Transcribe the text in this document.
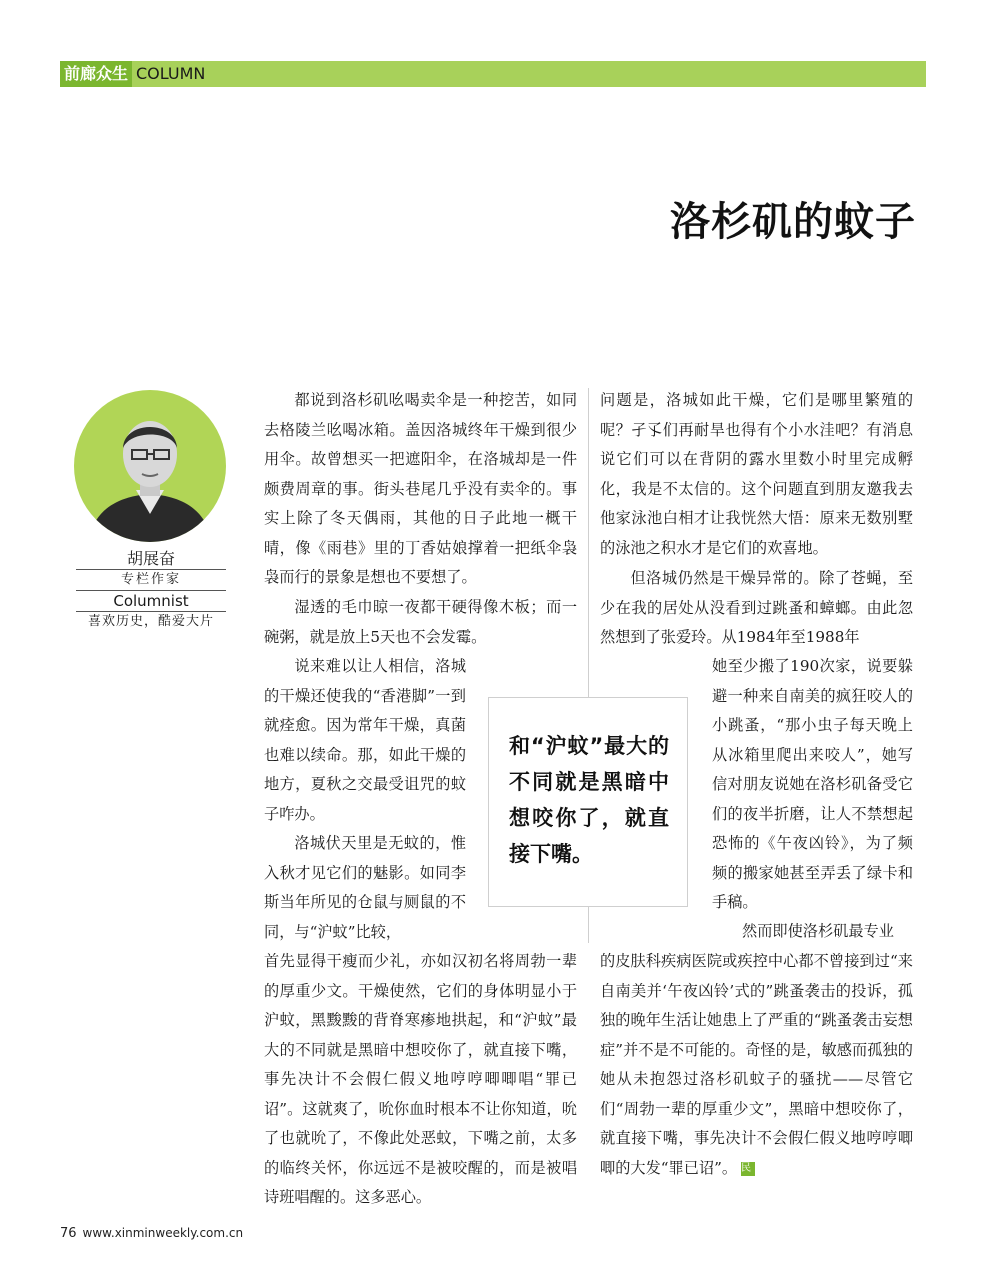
前廊众生 COLUMN
洛杉矶的蚊子
胡展奋
专栏作家
Columnist
喜欢历史，酷爱大片

都说到洛杉矶吆喝卖伞是一种挖苦，如同去格陵兰吆喝冰箱。盖因洛城终年干燥到很少用伞。故曾想买一把遮阳伞，在洛城却是一件颇费周章的事。街头巷尾几乎没有卖伞的。事实上除了冬天偶雨，其他的日子此地一概干晴，像《雨巷》里的丁香姑娘撑着一把纸伞袅袅而行的景象是想也不要想了。

湿透的毛巾晾一夜都干硬得像木板；而一碗粥，就是放上5天也不会发霉。

说来难以让人相信，洛城的干燥还使我的“香港脚”一到就痊愈。因为常年干燥，真菌也难以续命。那，如此干燥的地方，夏秋之交最受诅咒的蚊子咋办。

洛城伏天里是无蚊的，惟入秋才见它们的魅影。如同李斯当年所见的仓鼠与厕鼠的不同，与“沪蚊”比较，

首先显得干瘦而少礼，亦如汉初名将周勃一辈的厚重少文。干燥使然，它们的身体明显小于沪蚊，黑黢黢的背脊寒瘆地拱起，和“沪蚊”最大的不同就是黑暗中想咬你了，就直接下嘴，事先决计不会假仁假义地哼哼唧唧唱“罪已诏”。这就爽了，吮你血时根本不让你知道，吮了也就吮了，不像此处恶蚊，下嘴之前，太多的临终关怀，你远远不是被咬醒的，而是被唱诗班唱醒的。这多恶心。

问题是，洛城如此干燥，它们是哪里繁殖的呢？孑孓们再耐旱也得有个小水洼吧？有消息说它们可以在背阴的露水里数小时里完成孵化，我是不太信的。这个问题直到朋友邀我去他家泳池白相才让我恍然大悟：原来无数别墅的泳池之积水才是它们的欢喜地。

但洛城仍然是干燥异常的。除了苍蝇，至少在我的居处从没看到过跳蚤和蟑螂。由此忽然想到了张爱玲。从1984年至1988年

她至少搬了190次家，说要躲避一种来自南美的疯狂咬人的小跳蚤，“那小虫子每天晚上从冰箱里爬出来咬人”，她写信对朋友说她在洛杉矶备受它们的夜半折磨，让人不禁想起恐怖的《午夜凶铃》，为了频频的搬家她甚至弄丢了绿卡和手稿。

然而即使洛杉矶最专业

的皮肤科疾病医院或疾控中心都不曾接到过“来自南美并‘午夜凶铃’式的”跳蚤袭击的投诉，孤独的晚年生活让她患上了严重的“跳蚤袭击妄想症”并不是不可能的。奇怪的是，敏感而孤独的她从未抱怨过洛杉矶蚊子的骚扰——尽管它们“周勃一辈的厚重少文”，黑暗中想咬你了，就直接下嘴，事先决计不会假仁假义地哼哼唧唧的大发“罪已诏”。 民

和“沪蚊”最大的不同就是黑暗中想咬你了，就直接下嘴。

76 www.xinminweekly.com.cn
